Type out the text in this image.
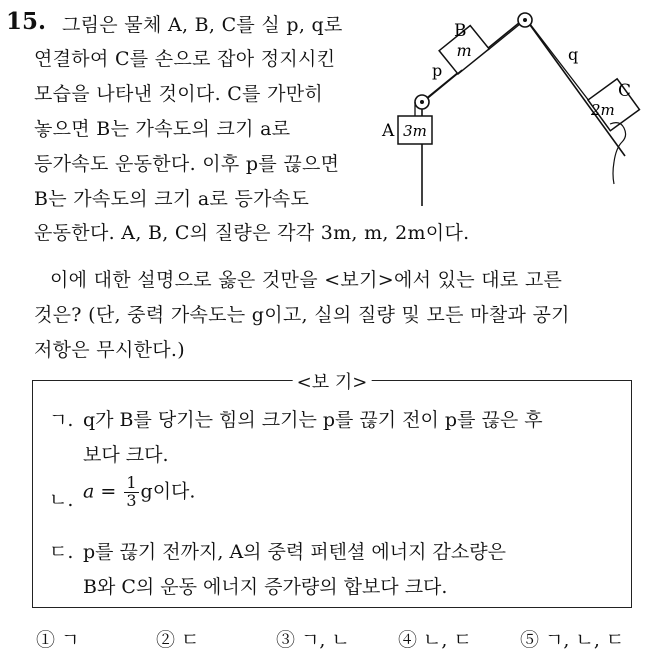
15. 그림은 물체 A, B, C를 실 p, q로
연결하여 C를 손으로 잡아 정지시킨
모습을 나타낸 것이다. C를 가만히
놓으면 B는 가속도의 크기 a로
등가속도 운동한다. 이후 p를 끊으면
B는 가속도의 크기 a로 등가속도
운동한다. A, B, C의 질량은 각각 3m, m, 2m이다.
이에 대한 설명으로 옳은 것만을 <보기>에서 있는 대로 고른
것은? (단, 중력 가속도는 g이고, 실의 질량 및 모든 마찰과 공기
저항은 무시한다.)
m
B
p
q
2m
C
3m
A
<보 기>
ㄱ. q가 B를 당기는 힘의 크기는 p를 끊기 전이 p를 끊은 후
보다 크다.
ㄴ. $a = \frac{1}{3}$ g이다.
ㄷ. p를 끊기 전까지, A의 중력 퍼텐셜 에너지 감소량은
B와 C의 운동 에너지 증가량의 합보다 크다.
① ㄱ	② ㄷ	③ ㄱ, ㄴ	④ ㄴ, ㄷ	⑤ ㄱ, ㄴ, ㄷ
